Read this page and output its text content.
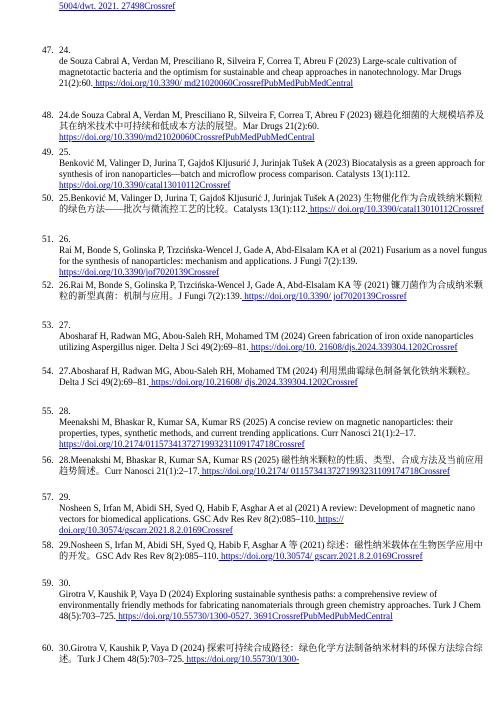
5004/dwt. 2021. 27498Crossref
47. 24.
de Souza Cabral A, Verdan M, Presciliano R, Silveira F, Correa T, Abreu F (2023) Large-scale cultivation of magnetotactic bacteria and the optimism for sustainable and cheap approaches in nanotechnology. Mar Drugs 21(2):60. https://doi.org/10.3390/ md21020060CrossrefPubMedPubMedCentral
48. 24.de Souza Cabral A, Verdan M, Presciliano R, Silveira F, Correa T, Abreu F (2023) 磁趋化细菌的大规模培养及其在纳米技术中可持续和低成本方法的展望。Mar Drugs 21(2):60.https://doi.org/10.3390/md21020060CrossrefPubMedPubMedCentral
49. 25.
Benković M, Valinger D, Jurina T, Gajdoš Kljusurić J, Jurinjak Tušek A (2023) Biocatalysis as a green approach for synthesis of iron nanoparticles—batch and microflow process comparison. Catalysts 13(1):112.https://doi.org/10.3390/catal13010112Crossref
50. 25.Benković M, Valinger D, Jurina T, Gajdoš Kljusurić J, Jurinjak Tušek A (2023) 生物催化作为合成铁纳米颗粒的绿色方法——批次与微流控工艺的比较。Catalysts 13(1):112. https:// doi.org/10.3390/catal13010112Crossref
51. 26.
Rai M, Bonde S, Golinska P, Trzcińska-Wencel J, Gade A, Abd-Elsalam KA et al (2021) Fusarium as a novel fungus for the synthesis of nanoparticles: mechanism and applications. J Fungi 7(2):139.https://doi.org/10.3390/jof7020139Crossref
52. 26.Rai M, Bonde S, Golinska P, Trzcińska-Wencel J, Gade A, Abd-Elsalam KA 等 (2021) 镰刀菌作为合成纳米颗粒的新型真菌：机制与应用。J Fungi 7(2):139. https://doi.org/10.3390/ jof7020139Crossref
53. 27.
Abosharaf H, Radwan MG, Abou-Saleh RH, Mohamed TM (2024) Green fabrication of iron oxide nanoparticles utilizing Aspergillus niger. Delta J Sci 49(2):69–81. https://doi.org/10. 21608/djs.2024.339304.1202Crossref
54. 27.Abosharaf H, Radwan MG, Abou-Saleh RH, Mohamed TM (2024) 利用黑曲霉绿色制备氧化铁纳米颗粒。Delta J Sci 49(2):69–81. https://doi.org/10.21608/ djs.2024.339304.1202Crossref
55. 28.
Meenakshi M, Bhaskar R, Kumar SA, Kumar RS (2025) A concise review on magnetic nanoparticles: their properties, types, synthetic methods, and current trending applications. Curr Nanosci 21(1):2–17.https://doi.org/10.2174/0115734137271993231109174718Crossref
56. 28.Meenakshi M, Bhaskar R, Kumar SA, Kumar RS (2025) 磁性纳米颗粒的性质、类型、合成方法及当前应用趋势简述。Curr Nanosci 21(1):2–17. https://doi.org/10.2174/ 0115734137271993231109174718Crossref
57. 29.
Nosheen S, Irfan M, Abidi SH, Syed Q, Habib F, Asghar A et al (2021) A review: Development of magnetic nano vectors for biomedical applications. GSC Adv Res Rev 8(2):085–110. https:// doi.org/10.30574/gscarr.2021.8.2.0169Crossref
58. 29.Nosheen S, Irfan M, Abidi SH, Syed Q, Habib F, Asghar A 等 (2021) 综述：磁性纳米载体在生物医学应用中的开发。GSC Adv Res Rev 8(2):085–110. https://doi.org/10.30574/ gscarr.2021.8.2.0169Crossref
59. 30.
Girotra V, Kaushik P, Vaya D (2024) Exploring sustainable synthesis paths: a comprehensive review of environmentally friendly methods for fabricating nanomaterials through green chemistry approaches. Turk J Chem 48(5):703–725. https://doi.org/10.55730/1300-0527. 3691CrossrefPubMedPubMedCentral
60. 30.Girotra V, Kaushik P, Vaya D (2024) 探索可持续合成路径：绿色化学方法制备纳米材料的环保方法综合综述。Turk J Chem 48(5):703–725. https://doi.org/10.55730/1300-
